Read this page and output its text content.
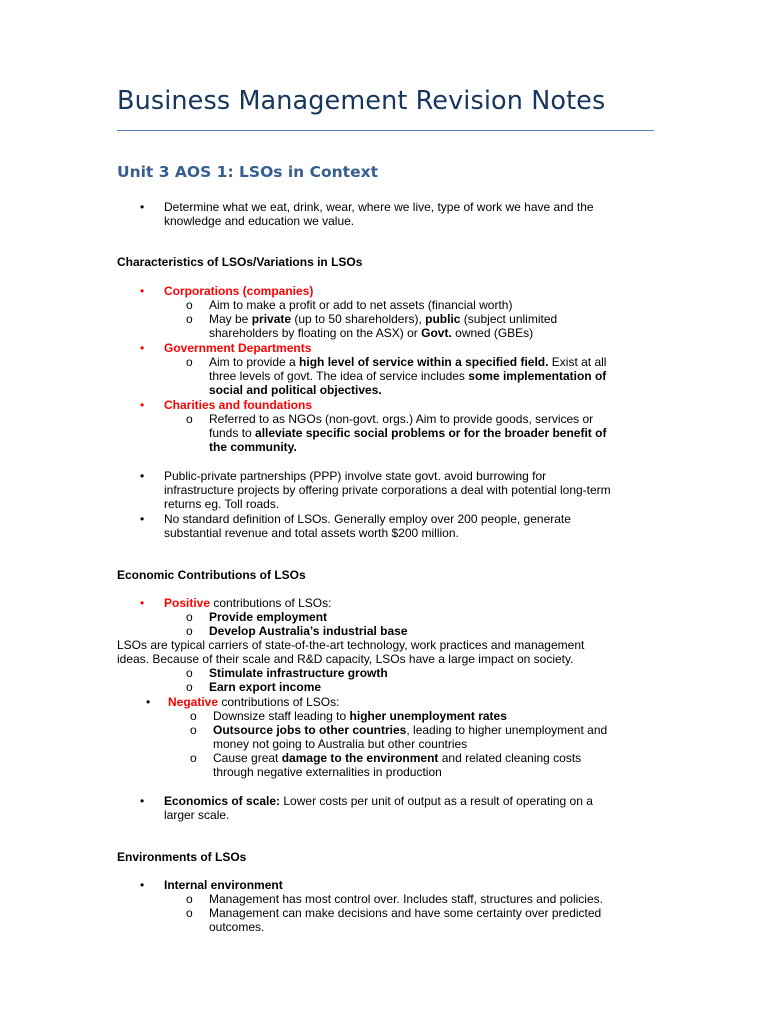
Business Management Revision Notes
Unit 3 AOS 1: LSOs in Context
• Determine what we eat, drink, wear, where we live, type of work we have and the
knowledge and education we value.
Characteristics of LSOs/Variations in LSOs
• Corporations (companies)
o Aim to make a profit or add to net assets (financial worth)
o May be private (up to 50 shareholders), public (subject unlimited
shareholders by floating on the ASX) or Govt. owned (GBEs)
• Government Departments
o Aim to provide a high level of service within a specified field. Exist at all
three levels of govt. The idea of service includes some implementation of
social and political objectives.
• Charities and foundations
o Referred to as NGOs (non-govt. orgs.) Aim to provide goods, services or
funds to alleviate specific social problems or for the broader benefit of
the community.
• Public-private partnerships (PPP) involve state govt. avoid burrowing for
infrastructure projects by offering private corporations a deal with potential long-term
returns eg. Toll roads.
• No standard definition of LSOs. Generally employ over 200 people, generate
substantial revenue and total assets worth $200 million.
Economic Contributions of LSOs
• Positive contributions of LSOs:
o Provide employment
o Develop Australia’s industrial base
LSOs are typical carriers of state-of-the-art technology, work practices and management
ideas. Because of their scale and R&D capacity, LSOs have a large impact on society.
o Stimulate infrastructure growth
o Earn export income
• Negative contributions of LSOs:
o Downsize staff leading to higher unemployment rates
o Outsource jobs to other countries, leading to higher unemployment and
money not going to Australia but other countries
o Cause great damage to the environment and related cleaning costs
through negative externalities in production
• Economics of scale: Lower costs per unit of output as a result of operating on a
larger scale.
Environments of LSOs
• Internal environment
o Management has most control over. Includes staff, structures and policies.
o Management can make decisions and have some certainty over predicted
outcomes.
